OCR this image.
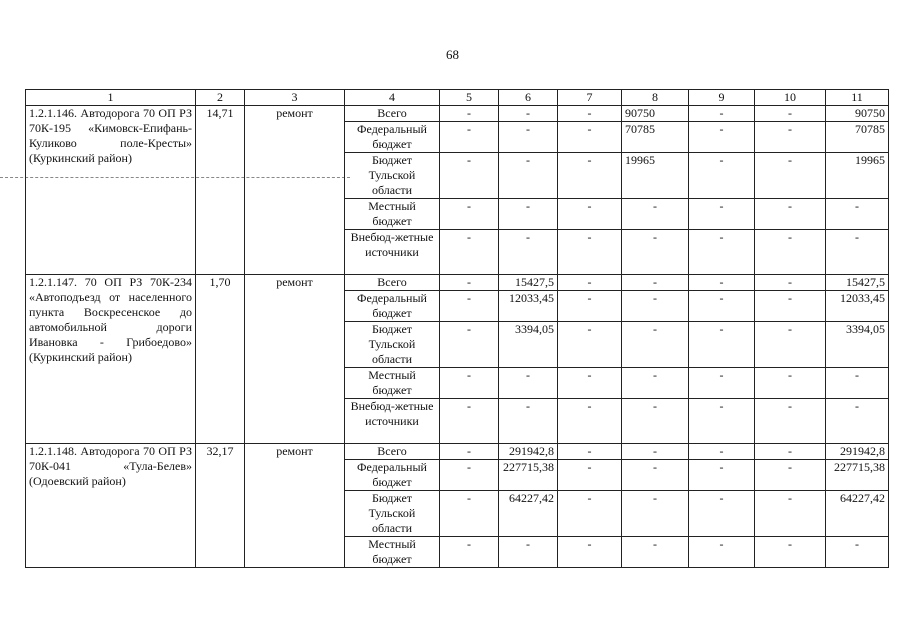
68
1	2	3	4	5	6	7	8	9	10	11
1.2.1.146. Автодорога 70 ОП РЗ 70К-195 «Кимовск-Епифань-Куликово поле-Кресты» (Куркинский район)	14,71	ремонт	Всего	-	-	-	90750	-	-	90750
			Федеральный бюджет	-	-	-	70785	-	-	70785
			Бюджет Тульской области	-	-	-	19965	-	-	19965
			Местный бюджет	-	-	-	-	-	-	-
			Внебюд-жетные источники	-	-	-	-	-	-	-
1.2.1.147. 70 ОП РЗ 70К-234 «Автоподъезд от населенного пункта Воскресенское до автомобильной дороги Ивановка - Грибоедово» (Куркинский район)	1,70	ремонт	Всего	-	15427,5	-	-	-	-	15427,5
			Федеральный бюджет	-	12033,45	-	-	-	-	12033,45
			Бюджет Тульской области	-	3394,05	-	-	-	-	3394,05
			Местный бюджет	-	-	-	-	-	-	-
			Внебюд-жетные источники	-	-	-	-	-	-	-
1.2.1.148. Автодорога 70 ОП РЗ 70К-041 «Тула-Белев» (Одоевский район)	32,17	ремонт	Всего	-	291942,8	-	-	-	-	291942,8
			Федеральный бюджет	-	227715,38	-	-	-	-	227715,38
			Бюджет Тульской области	-	64227,42	-	-	-	-	64227,42
			Местный бюджет	-	-	-	-	-	-	-
